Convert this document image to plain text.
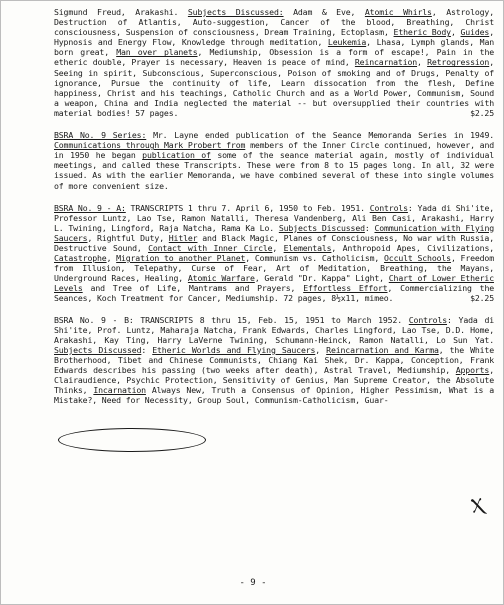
Sigmund Freud, Arakashi. Subjects Discussed: Adam & Eve, Atomic Whirls, Astrology, Destruction of Atlantis, Auto-suggestion, Cancer of the blood, Breathing, Christ consciousness, Suspension of consciousness, Dream Training, Ectoplasm, Etheric Body, Guides, Hypnosis and Energy Flow, Knowledge through meditation, Leukemia, Lhasa, Lymph glands, Man born great, Man over planets, Mediumship, Obsession is a form of escape!, Pain in the etheric double, Prayer is necessary, Heaven is peace of mind, Reincarnation, Retrogression, Seeing in spirit, Subconscious, Superconscious, Poison of smoking and of Drugs, Penalty of ignorance, Pursue the continuity of life, Learn dissocation from the flesh, Define happiness, Christ and his teachings, Catholic Church and as a World Power, Communism, Sound a weapon, China and India neglected the material -- but oversupplied their countries with material bodies! 57 pages.	$2.25

BSRA No. 9 Series: Mr. Layne ended publication of the Seance Memoranda Series in 1949. Communications through Mark Probert from members of the Inner Circle continued, however, and in 1950 he began publication of some of the seance material again, mostly of individual meetings, and called these Transcripts. These were from 8 to 15 pages long. In all, 32 were issued. As with the earlier Memoranda, we have combined several of these into single volumes of more convenient size.

BSRA No. 9 - A: TRANSCRIPTS 1 thru 7. April 6, 1950 to Feb. 1951. Controls: Yada di Shi'ite, Professor Luntz, Lao Tse, Ramon Natalli, Theresa Vandenberg, Ali Ben Casi, Arakashi, Harry L. Twining, Lingford, Raja Natcha, Rama Ka Lo. Subjects Discussed: Communication with Flying Saucers, Rightful Duty, Hitler and Black Magic, Planes of Consciousness, No war with Russia, Destructive Sound, Contact with Inner Circle, Elementals, Anthropoid Apes, Civilizations, Catastrophe, Migration to another Planet, Communism vs. Catholicism, Occult Schools, Freedom from Illusion, Telepathy, Curse of Fear, Art of Meditation, Breathing, the Mayans, Underground Races, Healing, Atomic Warfare, Gerald "Dr. Kappa" Light, Chart of Lower Etheric Levels and Tree of Life, Mantrams and Prayers, Effortless Effort, Commercializing the Seances, Koch Treatment for Cancer, Mediumship. 72 pages, 8½x11, mimeo.	$2.25

BSRA No. 9 - B: TRANSCRIPTS 8 thru 15, Feb. 15, 1951 to March 1952. Controls: Yada di Shi'ite, Prof. Luntz, Maharaja Natcha, Frank Edwards, Charles Lingford, Lao Tse, D.D. Home, Arakashi, Kay Ting, Harry LaVerne Twining, Schumann-Heinck, Ramon Natalli, Lo Sun Yat. Subjects Discussed: Etheric Worlds and Flying Saucers, Reincarnation and Karma, the White Brotherhood, Tibet and Chinese Communists, Chiang Kai Shek, Dr. Kappa, Conception, Frank Edwards describes his passing (two weeks after death), Astral Travel, Mediumship, Apports, Clairaudience, Psychic Protection, Sensitivity of Genius, Man Supreme Creator, the Absolute Thinks, Incarnation Always New, Truth a Consensus of Opinion, Higher Pessimism, What is a Mistake?, Need for Necessity, Group Soul, Communism-Catholicism, Guar-

Ⲭ
- 9 -
